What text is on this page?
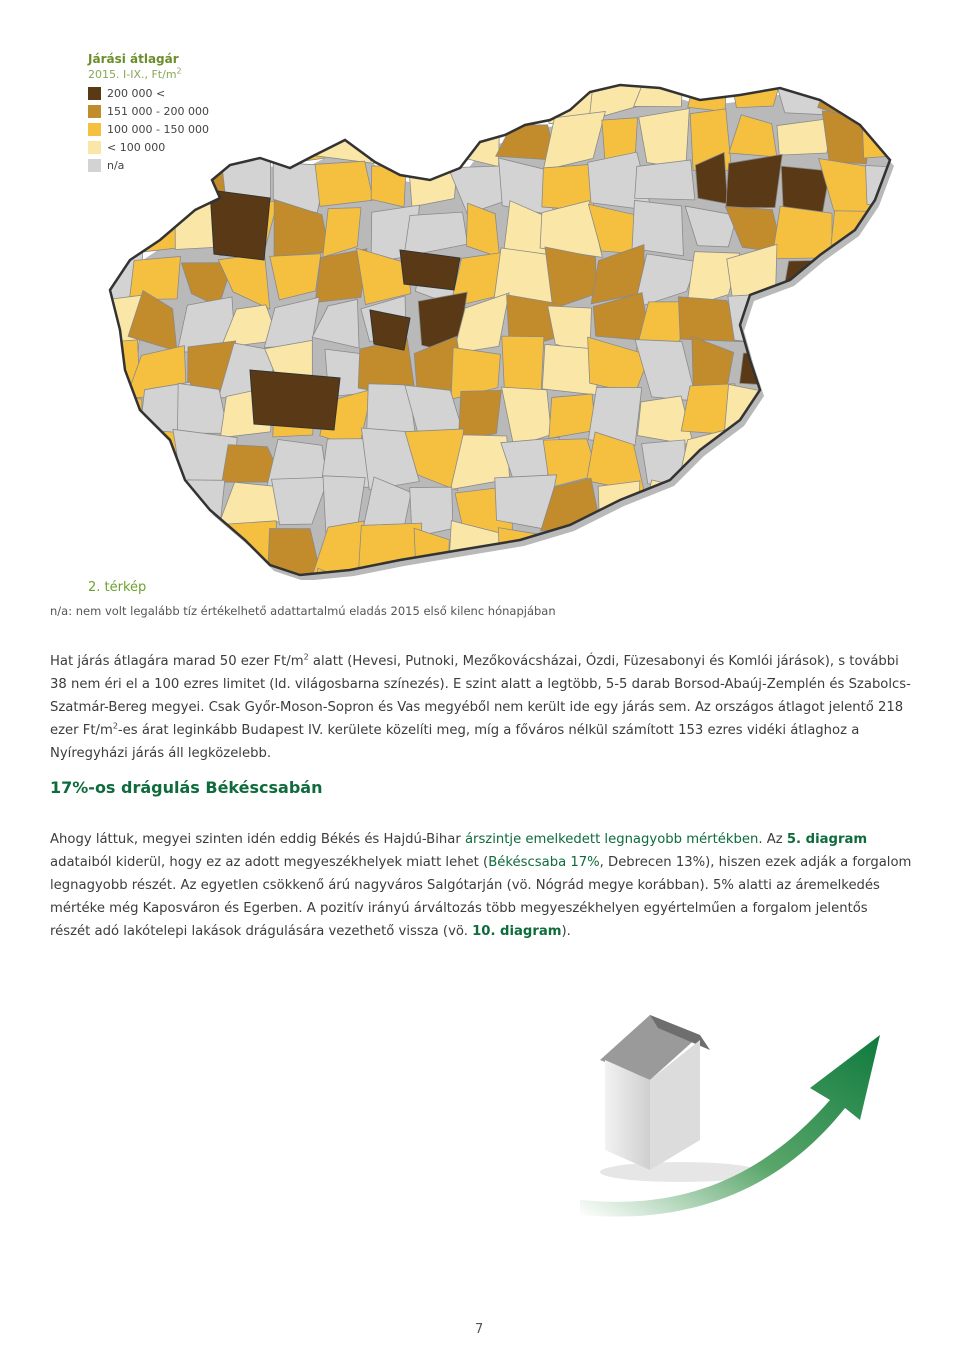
Járási átlagár
2015. I-IX., $Ft/m^2$
200 000 <
151 000 - 200 000
100 000 - 150 000
< 100 000
n/a
2. térkép
n/a: nem volt legalább tíz értékelhető adattartalmú eladás 2015 első kilenc hónapjában
Hat járás átlagára marad 50 ezer $Ft/m^2$ alatt (Hevesi, Putnoki, Mezőkovácsházai, Ózdi, Füzesabonyi és Komlói járások), s további 38 nem éri el a 100 ezres limitet (ld. világosbarna színezés). E szint alatt a legtöbb, 5-5 darab Borsod-Abaúj-Zemplén és Szabolcs-Szatmár-Bereg megyei. Csak Győr-Moson-Sopron és Vas megyéből nem került ide egy járás sem. Az országos átlagot jelentő 218 ezer $Ft/m^2-es$ árat leginkább Budapest IV. kerülete közelíti meg, míg a főváros nélkül számított 153 ezres vidéki átlaghoz a Nyíregyházi járás áll legközelebb.
17%-os drágulás Békéscsabán
Ahogy láttuk, megyei szinten idén eddig Békés és Hajdú-Bihar árszintje emelkedett legnagyobb mértékben. Az 5. diagram adataiból kiderül, hogy ez az adott megyeszékhelyek miatt lehet (Békéscsaba 17%, Debrecen 13%), hiszen ezek adják a forgalom legnagyobb részét. Az egyetlen csökkenő árú nagyváros Salgótarján (vö. Nógrád megye korábban). 5% alatti az áremelkedés mértéke még Kaposváron és Egerben. A pozitív irányú árváltozás több megyeszékhelyen egyértelműen a forgalom jelentős részét adó lakótelepi lakások drágulására vezethető vissza (vö. 10. diagram).
7
